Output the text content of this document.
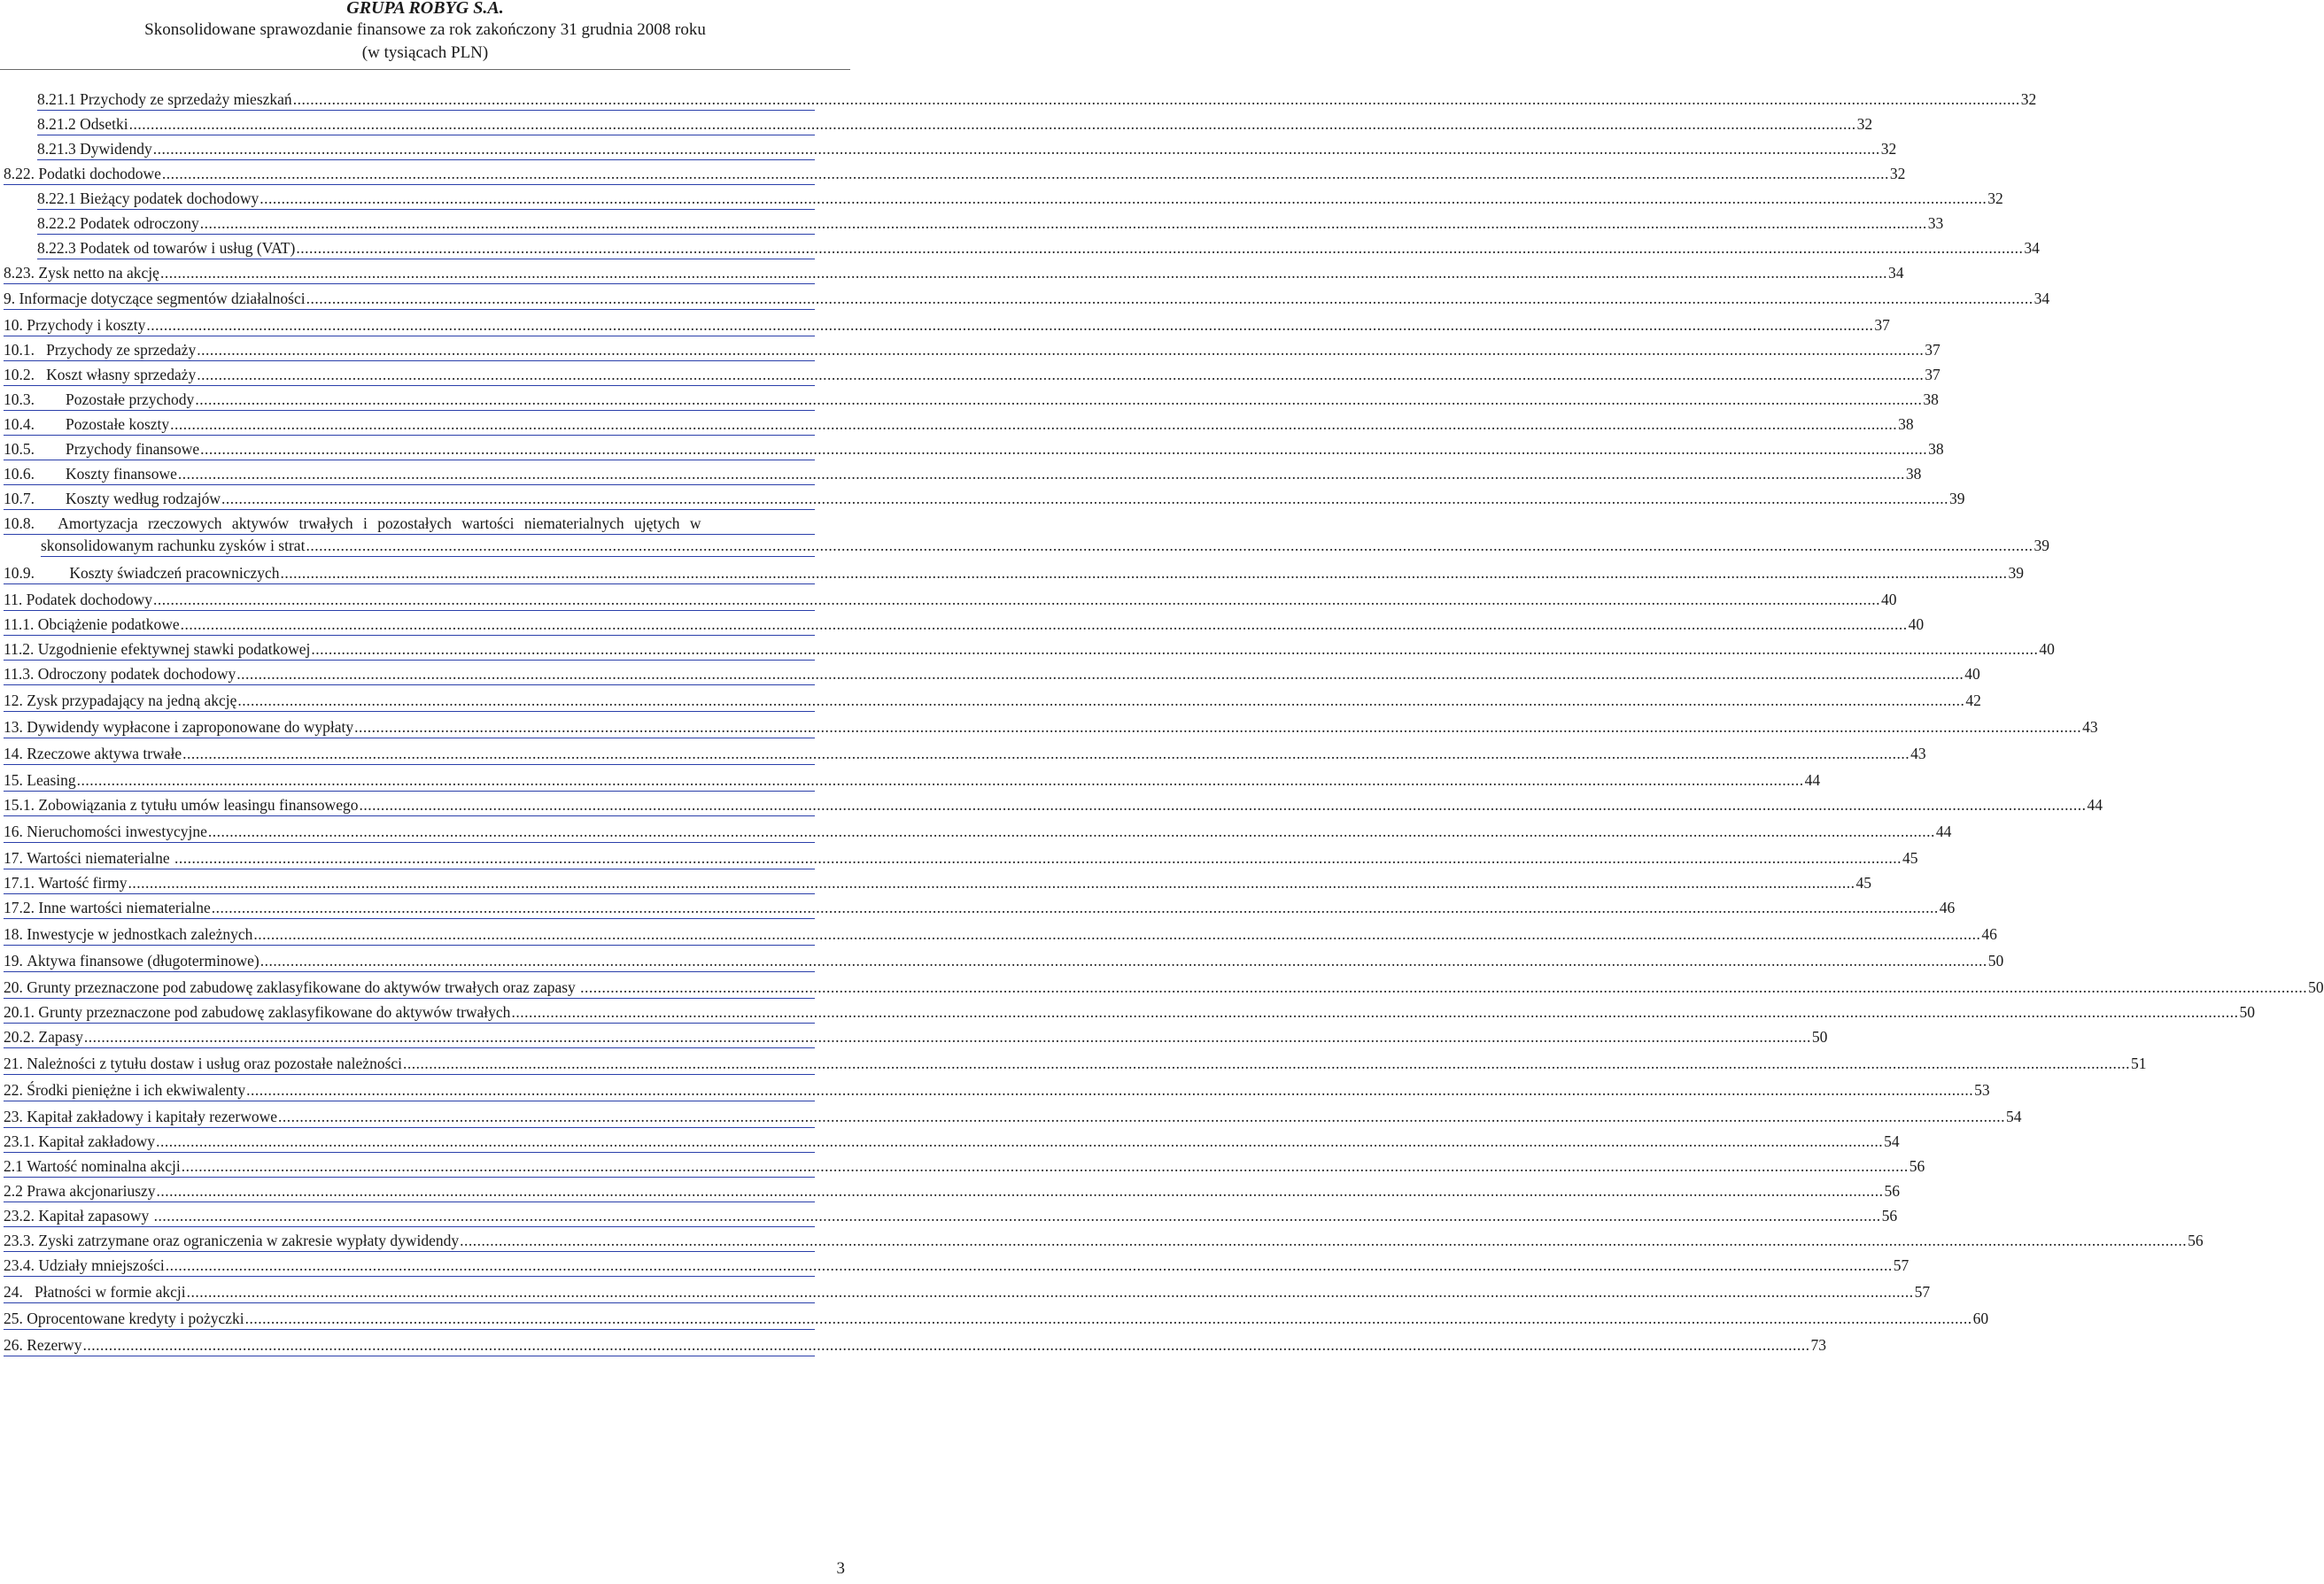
GRUPA ROBYG S.A.
Skonsolidowane sprawozdanie finansowe za rok zakończony 31 grudnia 2008 roku
(w tysiącach PLN)
8.21.1 Przychody ze sprzedaży mieszkań ................................................................................................................................................................................................................................................................................................................................................................................................................ 32
8.21.2 Odsetki ................................................................................................................................................................................................................................................................................................................................................................................................................ 32
8.21.3 Dywidendy ................................................................................................................................................................................................................................................................................................................................................................................................................ 32
8.22. Podatki dochodowe ................................................................................................................................................................................................................................................................................................................................................................................................................ 32
8.22.1 Bieżący podatek dochodowy ................................................................................................................................................................................................................................................................................................................................................................................................................ 32
8.22.2 Podatek odroczony ................................................................................................................................................................................................................................................................................................................................................................................................................ 33
8.22.3 Podatek od towarów i usług (VAT) ................................................................................................................................................................................................................................................................................................................................................................................................................ 34
8.23. Zysk netto na akcję ................................................................................................................................................................................................................................................................................................................................................................................................................ 34
9. Informacje dotyczące segmentów działalności ................................................................................................................................................................................................................................................................................................................................................................................................................ 34
10. Przychody i koszty ................................................................................................................................................................................................................................................................................................................................................................................................................ 37
10.1. Przychody ze sprzedaży ................................................................................................................................................................................................................................................................................................................................................................................................................ 37
10.2. Koszt własny sprzedaży ................................................................................................................................................................................................................................................................................................................................................................................................................ 37
10.3. Pozostałe przychody ................................................................................................................................................................................................................................................................................................................................................................................................................ 38
10.4. Pozostałe koszty ................................................................................................................................................................................................................................................................................................................................................................................................................ 38
10.5. Przychody finansowe ................................................................................................................................................................................................................................................................................................................................................................................................................ 38
10.6. Koszty finansowe ................................................................................................................................................................................................................................................................................................................................................................................................................ 38
10.7. Koszty według rodzajów ................................................................................................................................................................................................................................................................................................................................................................................................................ 39
10.8. Amortyzacja rzeczowych aktywów trwałych i pozostałych wartości niematerialnych ujętych w
skonsolidowanym rachunku zysków i strat ................................................................................................................................................................................................................................................................................................................................................................................................................ 39
10.9. Koszty świadczeń pracowniczych ................................................................................................................................................................................................................................................................................................................................................................................................................ 39
11. Podatek dochodowy ................................................................................................................................................................................................................................................................................................................................................................................................................ 40
11.1. Obciążenie podatkowe ................................................................................................................................................................................................................................................................................................................................................................................................................ 40
11.2. Uzgodnienie efektywnej stawki podatkowej ................................................................................................................................................................................................................................................................................................................................................................................................................ 40
11.3. Odroczony podatek dochodowy ................................................................................................................................................................................................................................................................................................................................................................................................................ 40
12. Zysk przypadający na jedną akcję ................................................................................................................................................................................................................................................................................................................................................................................................................ 42
13. Dywidendy wypłacone i zaproponowane do wypłaty ................................................................................................................................................................................................................................................................................................................................................................................................................ 43
14. Rzeczowe aktywa trwałe ................................................................................................................................................................................................................................................................................................................................................................................................................ 43
15. Leasing ................................................................................................................................................................................................................................................................................................................................................................................................................ 44
15.1. Zobowiązania z tytułu umów leasingu finansowego ................................................................................................................................................................................................................................................................................................................................................................................................................ 44
16. Nieruchomości inwestycyjne ................................................................................................................................................................................................................................................................................................................................................................................................................ 44
17. Wartości niematerialne ................................................................................................................................................................................................................................................................................................................................................................................................................ 45
17.1. Wartość firmy ................................................................................................................................................................................................................................................................................................................................................................................................................ 45
17.2. Inne wartości niematerialne ................................................................................................................................................................................................................................................................................................................................................................................................................ 46
18. Inwestycje w jednostkach zależnych ................................................................................................................................................................................................................................................................................................................................................................................................................ 46
19. Aktywa finansowe (długoterminowe) ................................................................................................................................................................................................................................................................................................................................................................................................................ 50
20. Grunty przeznaczone pod zabudowę zaklasyfikowane do aktywów trwałych oraz zapasy ................................................................................................................................................................................................................................................................................................................................................................................................................ 50
20.1. Grunty przeznaczone pod zabudowę zaklasyfikowane do aktywów trwałych ................................................................................................................................................................................................................................................................................................................................................................................................................ 50
20.2. Zapasy ................................................................................................................................................................................................................................................................................................................................................................................................................ 50
21. Należności z tytułu dostaw i usług oraz pozostałe należności ................................................................................................................................................................................................................................................................................................................................................................................................................ 51
22. Środki pieniężne i ich ekwiwalenty ................................................................................................................................................................................................................................................................................................................................................................................................................ 53
23. Kapitał zakładowy i kapitały rezerwowe ................................................................................................................................................................................................................................................................................................................................................................................................................ 54
23.1. Kapitał zakładowy ................................................................................................................................................................................................................................................................................................................................................................................................................ 54
2.1 Wartość nominalna akcji ................................................................................................................................................................................................................................................................................................................................................................................................................ 56
2.2 Prawa akcjonariuszy ................................................................................................................................................................................................................................................................................................................................................................................................................ 56
23.2. Kapitał zapasowy ................................................................................................................................................................................................................................................................................................................................................................................................................ 56
23.3. Zyski zatrzymane oraz ograniczenia w zakresie wypłaty dywidendy ................................................................................................................................................................................................................................................................................................................................................................................................................ 56
23.4. Udziały mniejszości ................................................................................................................................................................................................................................................................................................................................................................................................................ 57
24. Płatności w formie akcji ................................................................................................................................................................................................................................................................................................................................................................................................................ 57
25. Oprocentowane kredyty i pożyczki ................................................................................................................................................................................................................................................................................................................................................................................................................ 60
26. Rezerwy ................................................................................................................................................................................................................................................................................................................................................................................................................ 73
3
